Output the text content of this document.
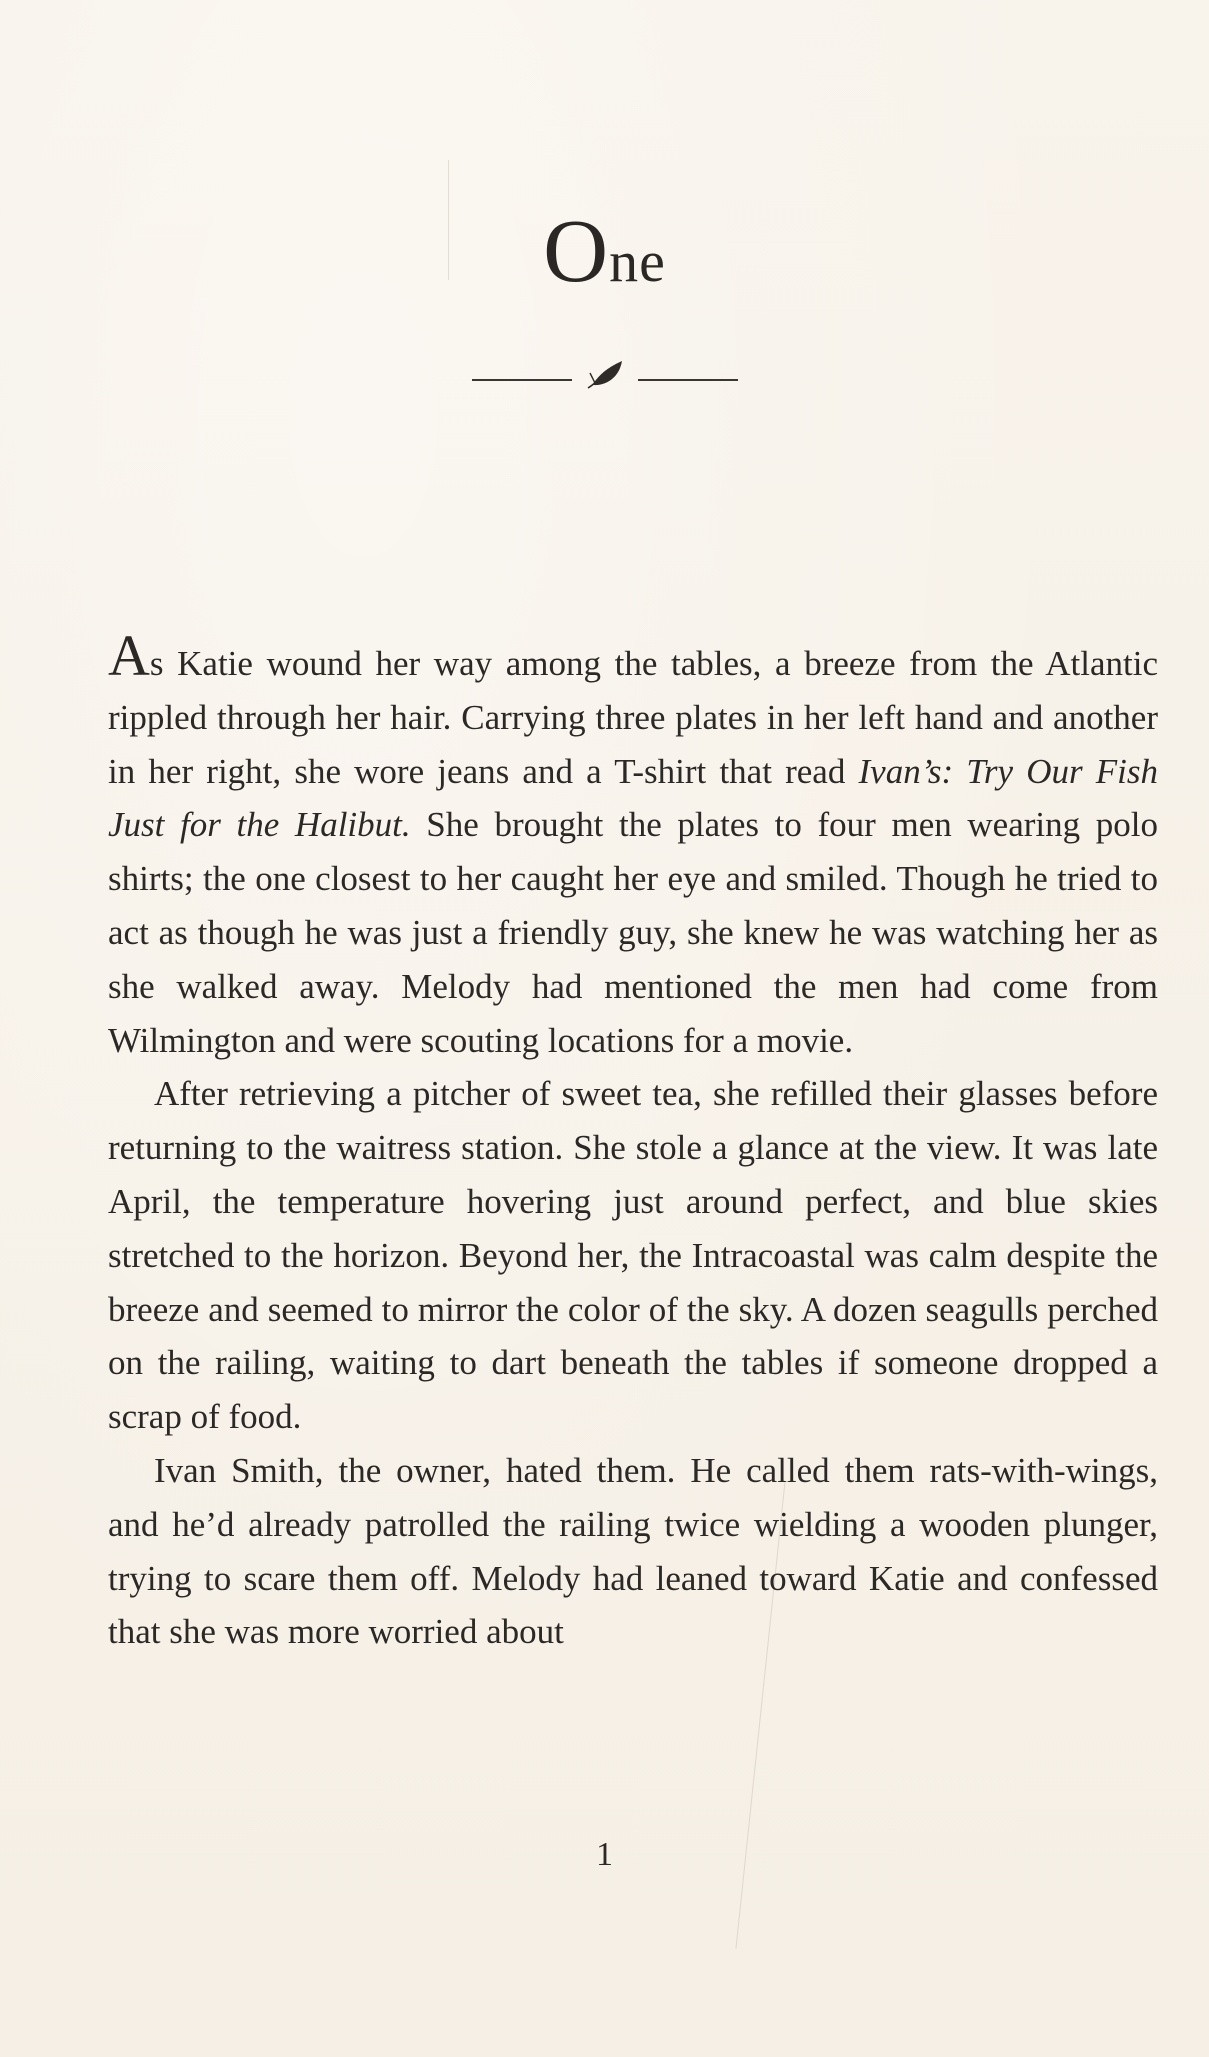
One

As Katie wound her way among the tables, a breeze from the Atlantic rippled through her hair. Carrying three plates in her left hand and another in her right, she wore jeans and a T-shirt that read Ivan’s: Try Our Fish Just for the Halibut. She brought the plates to four men wearing polo shirts; the one closest to her caught her eye and smiled. Though he tried to act as though he was just a friendly guy, she knew he was watching her as she walked away. Melody had mentioned the men had come from Wilmington and were scouting locations for a movie.

After retrieving a pitcher of sweet tea, she refilled their glasses before returning to the waitress station. She stole a glance at the view. It was late April, the temperature hovering just around perfect, and blue skies stretched to the horizon. Beyond her, the Intracoastal was calm despite the breeze and seemed to mirror the color of the sky. A dozen seagulls perched on the railing, waiting to dart beneath the tables if someone dropped a scrap of food.

Ivan Smith, the owner, hated them. He called them rats-with-wings, and he’d already patrolled the railing twice wielding a wooden plunger, trying to scare them off. Melody had leaned toward Katie and confessed that she was more worried about

1
